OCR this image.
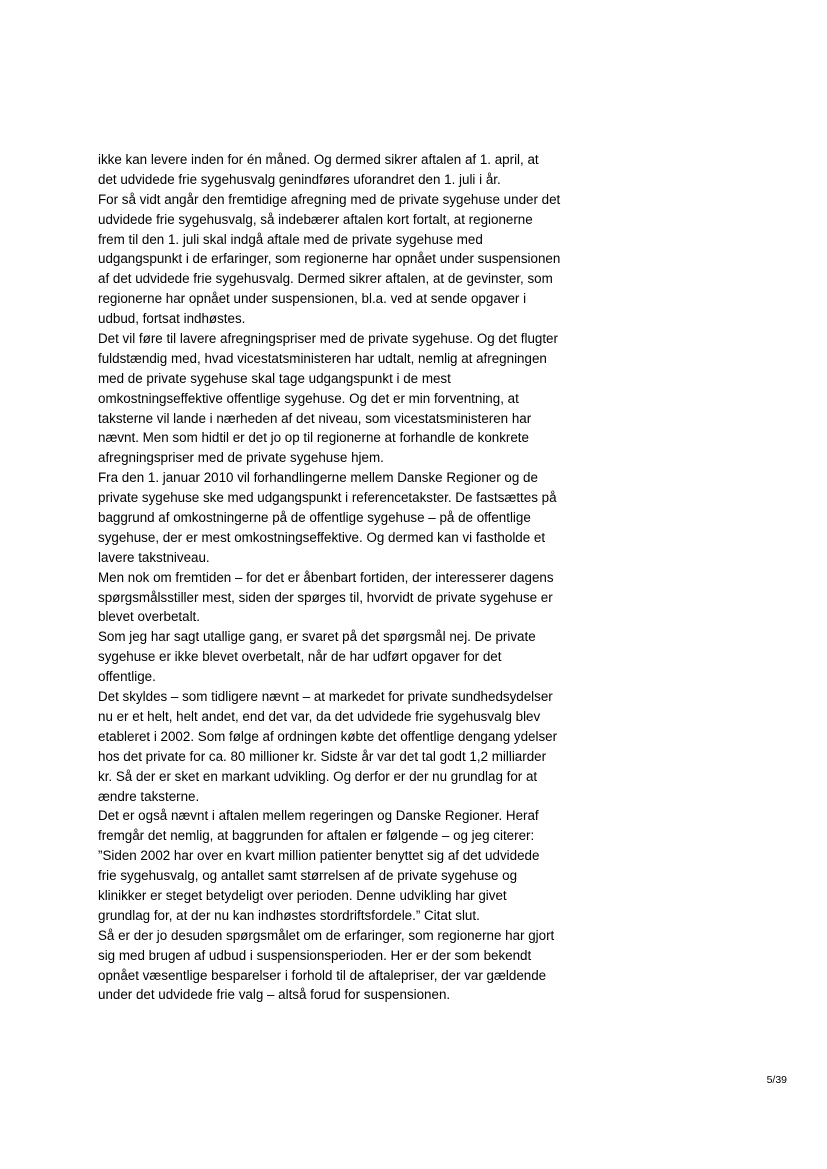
ikke kan levere inden for én måned. Og dermed sikrer aftalen af 1. april, at
det udvidede frie sygehusvalg genindføres uforandret den 1. juli i år.
For så vidt angår den fremtidige afregning med de private sygehuse under det
udvidede frie sygehusvalg, så indebærer aftalen kort fortalt, at regionerne
frem til den 1. juli skal indgå aftale med de private sygehuse med
udgangspunkt i de erfaringer, som regionerne har opnået under suspensionen
af det udvidede frie sygehusvalg. Dermed sikrer aftalen, at de gevinster, som
regionerne har opnået under suspensionen, bl.a. ved at sende opgaver i
udbud, fortsat indhøstes.
Det vil føre til lavere afregningspriser med de private sygehuse. Og det flugter
fuldstændig med, hvad vicestatsministeren har udtalt, nemlig at afregningen
med de private sygehuse skal tage udgangspunkt i de mest
omkostningseffektive offentlige sygehuse. Og det er min forventning, at
taksterne vil lande i nærheden af det niveau, som vicestatsministeren har
nævnt. Men som hidtil er det jo op til regionerne at forhandle de konkrete
afregningspriser med de private sygehuse hjem.
Fra den 1. januar 2010 vil forhandlingerne mellem Danske Regioner og de
private sygehuse ske med udgangspunkt i referencetakster. De fastsættes på
baggrund af omkostningerne på de offentlige sygehuse – på de offentlige
sygehuse, der er mest omkostningseffektive. Og dermed kan vi fastholde et
lavere takstniveau.
Men nok om fremtiden – for det er åbenbart fortiden, der interesserer dagens
spørgsmålsstiller mest, siden der spørges til, hvorvidt de private sygehuse er
blevet overbetalt.
Som jeg har sagt utallige gang, er svaret på det spørgsmål nej. De private
sygehuse er ikke blevet overbetalt, når de har udført opgaver for det
offentlige.
Det skyldes – som tidligere nævnt – at markedet for private sundhedsydelser
nu er et helt, helt andet, end det var, da det udvidede frie sygehusvalg blev
etableret i 2002. Som følge af ordningen købte det offentlige dengang ydelser
hos det private for ca. 80 millioner kr. Sidste år var det tal godt 1,2 milliarder
kr. Så der er sket en markant udvikling. Og derfor er der nu grundlag for at
ændre taksterne.
Det er også nævnt i aftalen mellem regeringen og Danske Regioner. Heraf
fremgår det nemlig, at baggrunden for aftalen er følgende – og jeg citerer:
”Siden 2002 har over en kvart million patienter benyttet sig af det udvidede
frie sygehusvalg, og antallet samt størrelsen af de private sygehuse og
klinikker er steget betydeligt over perioden. Denne udvikling har givet
grundlag for, at der nu kan indhøstes stordriftsfordele.” Citat slut.
Så er der jo desuden spørgsmålet om de erfaringer, som regionerne har gjort
sig med brugen af udbud i suspensionsperioden. Her er der som bekendt
opnået væsentlige besparelser i forhold til de aftalepriser, der var gældende
under det udvidede frie valg – altså forud for suspensionen.
5/39
